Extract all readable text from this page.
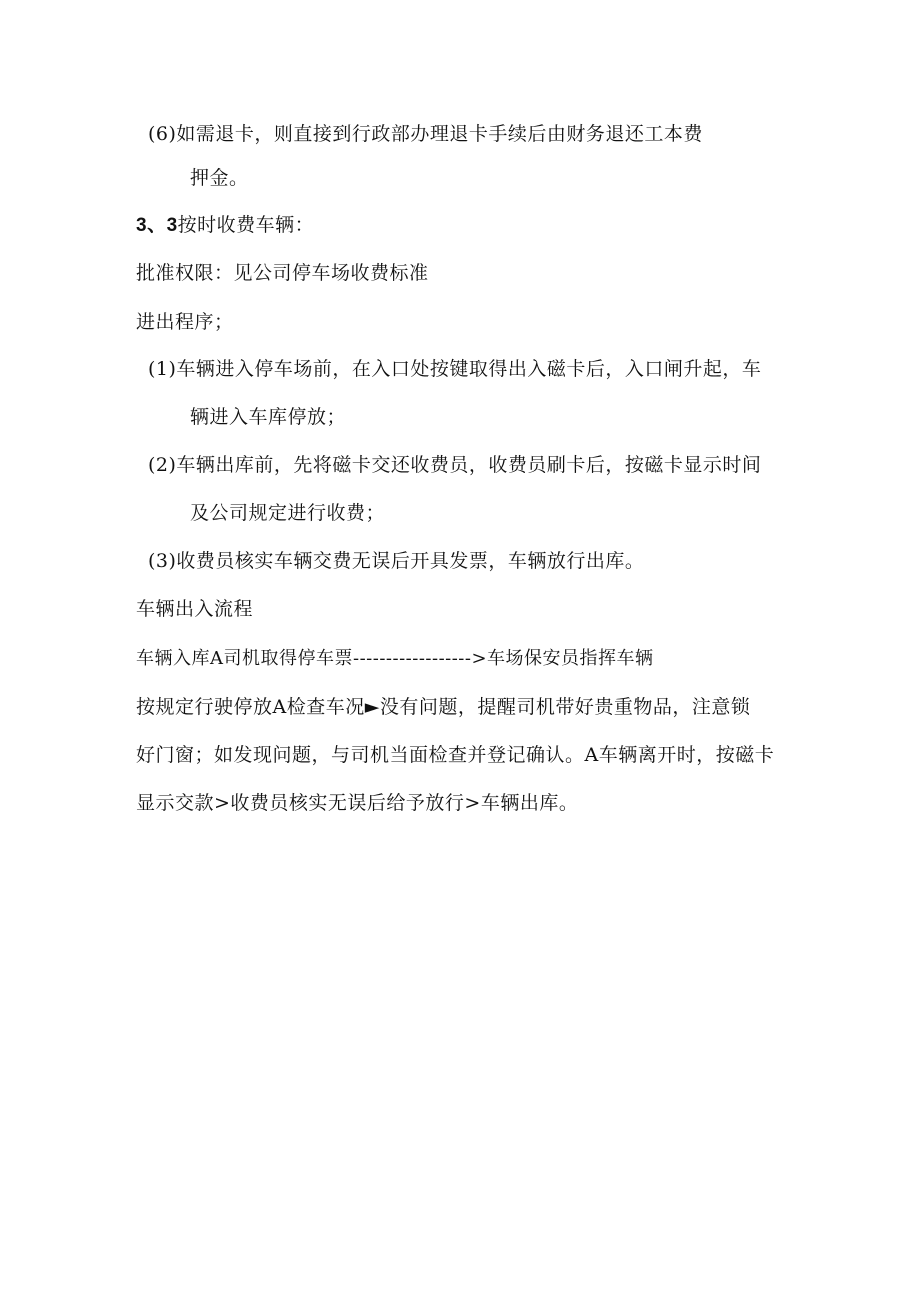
(6)如需退卡，则直接到行政部办理退卡手续后由财务退还工本费
押金。
3、3按时收费车辆：
批准权限：见公司停车场收费标准
进出程序；
(1)车辆进入停车场前，在入口处按键取得出入磁卡后，入口闸升起，车
辆进入车库停放；
(2)车辆出库前，先将磁卡交还收费员，收费员刷卡后，按磁卡显示时间
及公司规定进行收费；
(3)收费员核实车辆交费无误后开具发票，车辆放行出库。
车辆出入流程
车辆入库A司机取得停车票------------------>车场保安员指挥车辆
按规定行驶停放A检查车况►没有问题，提醒司机带好贵重物品，注意锁
好门窗；如发现问题，与司机当面检查并登记确认。A车辆离开时，按磁卡
显示交款>收费员核实无误后给予放行>车辆出库。
